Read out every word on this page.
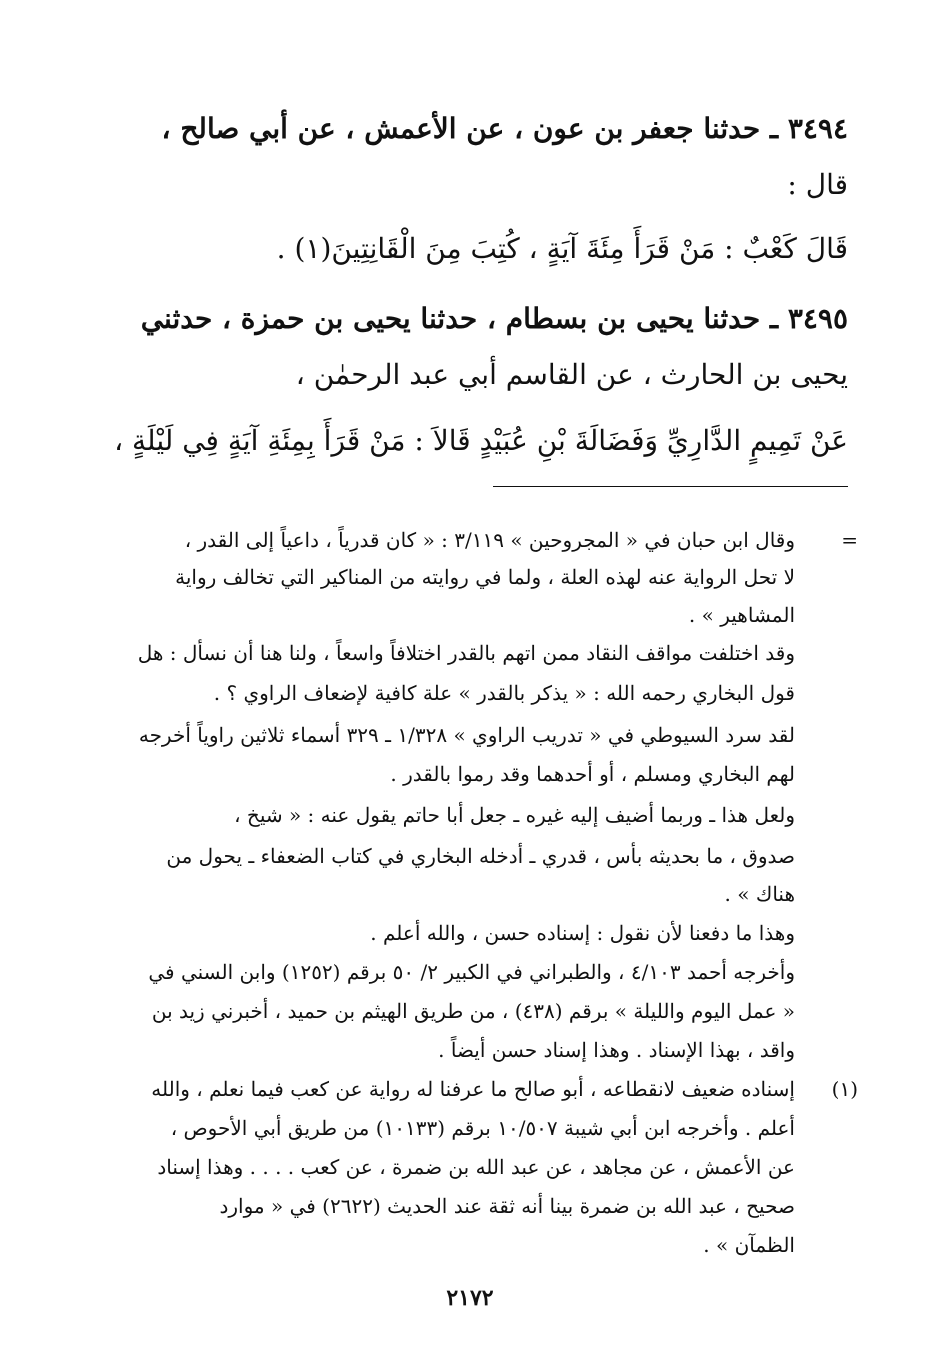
٣٤٩٤ ـ حدثنا جعفر بن عون ، عن الأعمش ، عن أبي صالح ،
قال :
قَالَ كَعْبٌ : مَنْ قَرَأَ مِئَةَ آيَةٍ ، كُتِبَ مِنَ الْقَانِتِينَ(١) .
٣٤٩٥ ـ حدثنا يحيى بن بسطام ، حدثنا يحيى بن حمزة ، حدثني
يحيى بن الحارث ، عن القاسم أبي عبد الرحمٰن ،
عَنْ تَمِيمٍ الدَّارِيِّ وَفَضَالَةَ بْنِ عُبَيْدٍ قَالاَ : مَنْ قَرَأَ بِمِئَةِ آيَةٍ فِي لَيْلَةٍ ،
=
وقال ابن حبان في « المجروحين » ٣/١١٩ : « كان قدرياً ، داعياً إلى القدر ،
لا تحل الرواية عنه لهذه العلة ، ولما في روايته من المناكير التي تخالف رواية
المشاهير » .
وقد اختلفت مواقف النقاد ممن اتهم بالقدر اختلافاً واسعاً ، ولنا هنا أن نسأل : هل
قول البخاري رحمه الله : « يذكر بالقدر » علة كافية لإضعاف الراوي ؟ .
لقد سرد السيوطي في « تدريب الراوي » ١/٣٢٨ ـ ٣٢٩ أسماء ثلاثين راوياً أخرجه
لهم البخاري ومسلم ، أو أحدهما وقد رموا بالقدر .
ولعل هذا ـ وربما أضيف إليه غيره ـ جعل أبا حاتم يقول عنه : « شيخ ،
صدوق ، ما بحديثه بأس ، قدري ـ أدخله البخاري في كتاب الضعفاء ـ يحول من
هناك » .
وهذا ما دفعنا لأن نقول : إسناده حسن ، والله أعلم .
وأخرجه أحمد ٤/١٠٣ ، والطبراني في الكبير ٢/ ٥٠ برقم (١٢٥٢) وابن السني في
« عمل اليوم والليلة » برقم (٤٣٨) ، من طريق الهيثم بن حميد ، أخبرني زيد بن
واقد ، بهذا الإسناد . وهذا إسناد حسن أيضاً .
(١)
إسناده ضعيف لانقطاعه ، أبو صالح ما عرفنا له رواية عن كعب فيما نعلم ، والله
أعلم . وأخرجه ابن أبي شيبة ١٠/٥٠٧ برقم (١٠١٣٣) من طريق أبي الأحوص ،
عن الأعمش ، عن مجاهد ، عن عبد الله بن ضمرة ، عن كعب . . . . وهذا إسناد
صحيح ، عبد الله بن ضمرة بينا أنه ثقة عند الحديث (٢٦٢٢) في « موارد
الظمآن » .
٢١٧٢
